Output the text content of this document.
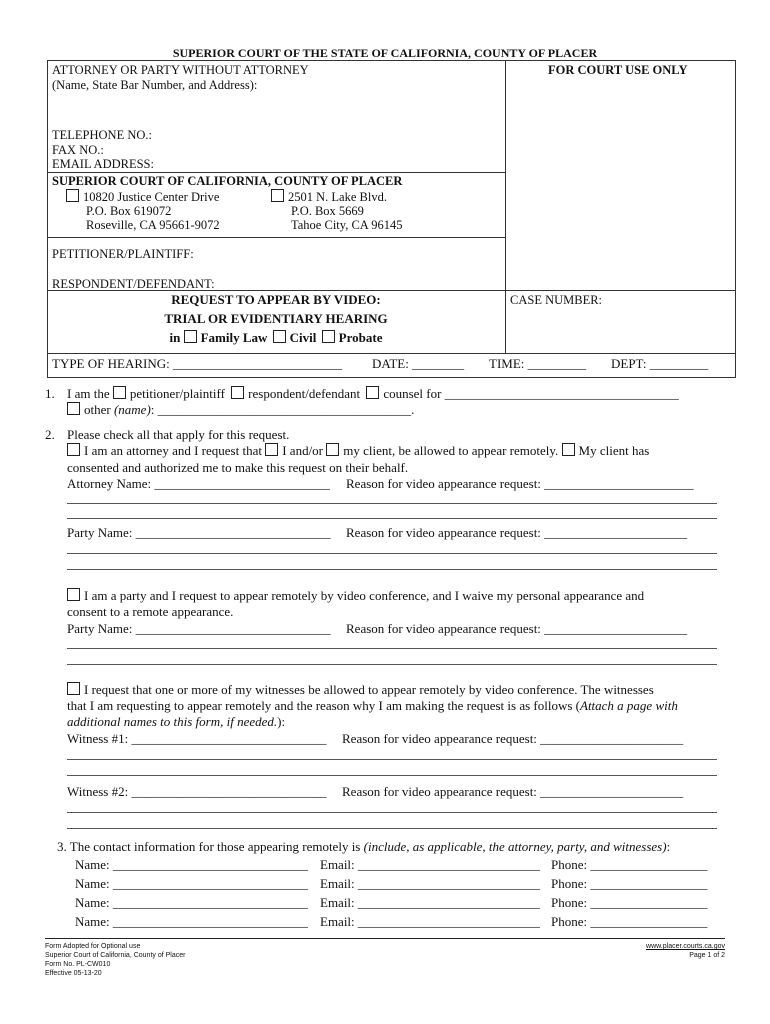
SUPERIOR COURT OF THE STATE OF CALIFORNIA, COUNTY OF PLACER
ATTORNEY OR PARTY WITHOUT ATTORNEY
(Name, State Bar Number, and Address):
TELEPHONE NO.:
FAX NO.:
EMAIL ADDRESS:
FOR COURT USE ONLY
SUPERIOR COURT OF CALIFORNIA, COUNTY OF PLACER
10820 Justice Center Drive
P.O. Box 619072
Roseville, CA 95661-9072
2501 N. Lake Blvd.
P.O. Box 5669
Tahoe City, CA 96145
PETITIONER/PLAINTIFF:
RESPONDENT/DEFENDANT:
REQUEST TO APPEAR BY VIDEO:
TRIAL OR EVIDENTIARY HEARING
in Family Law Civil Probate
CASE NUMBER:
TYPE OF HEARING: __________________________ DATE: ________ TIME: _________ DEPT: _________
1. I am the petitioner/plaintiff respondent/defendant counsel for ____________________________________
other (name): _______________________________________.
2. Please check all that apply for this request.
I am an attorney and I request that I and/or my client, be allowed to appear remotely. My client has
consented and authorized me to make this request on their behalf.
Attorney Name: ___________________________ Reason for video appearance request: _______________________
Party Name: ______________________________ Reason for video appearance request: ______________________
I am a party and I request to appear remotely by video conference, and I waive my personal appearance and
consent to a remote appearance.
Party Name: ______________________________ Reason for video appearance request: ______________________
I request that one or more of my witnesses be allowed to appear remotely by video conference. The witnesses
that I am requesting to appear remotely and the reason why I am making the request is as follows (Attach a page with
additional names to this form, if needed.):
Witness #1: ______________________________ Reason for video appearance request: ______________________
Witness #2: ______________________________ Reason for video appearance request: ______________________
3. The contact information for those appearing remotely is (include, as applicable, the attorney, party, and witnesses):
Name: ______________________________ Email: ____________________________ Phone: __________________
Name: ______________________________ Email: ____________________________ Phone: __________________
Name: ______________________________ Email: ____________________________ Phone: __________________
Name: ______________________________ Email: ____________________________ Phone: __________________
Form Adopted for Optional use
Superior Court of California, County of Placer
Form No. PL-CW010
Effective 05-13-20
www.placer.courts.ca.gov
Page 1 of 2
